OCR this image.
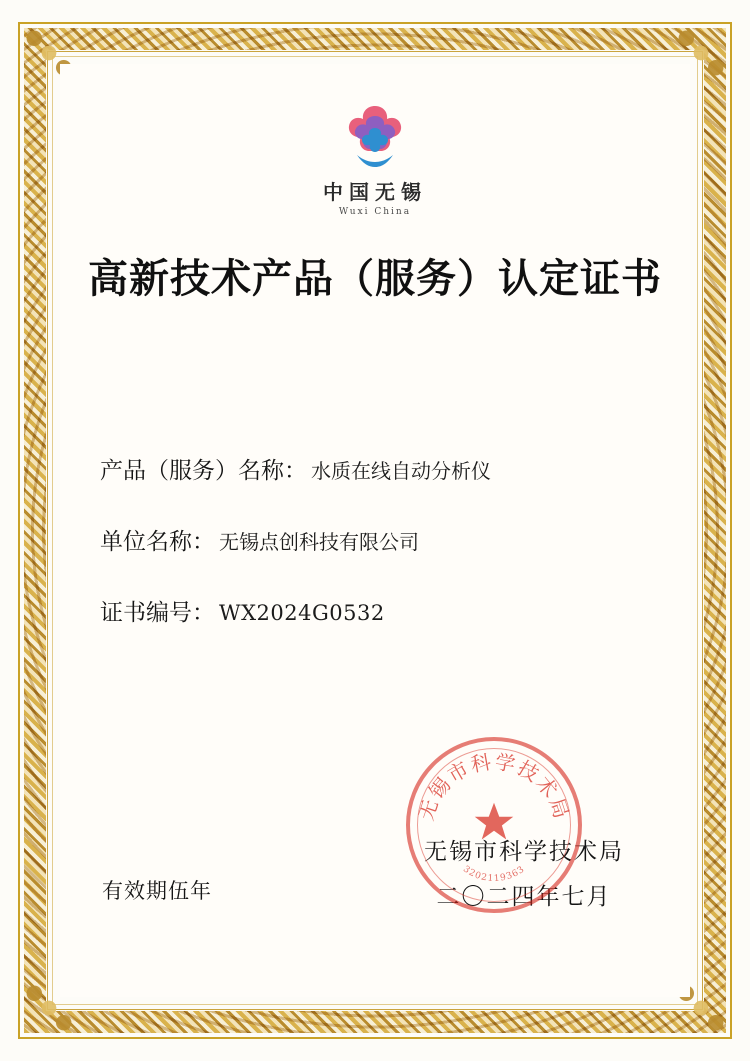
中国无锡
Wuxi China
高新技术产品（服务）认定证书
产品（服务）名称： 水质在线自动分析仪
单位名称： 无锡点创科技有限公司
证书编号： WX2024G0532
有效期伍年
无锡市科学技术局
3202119363
无锡市科学技术局
二〇二四年七月
